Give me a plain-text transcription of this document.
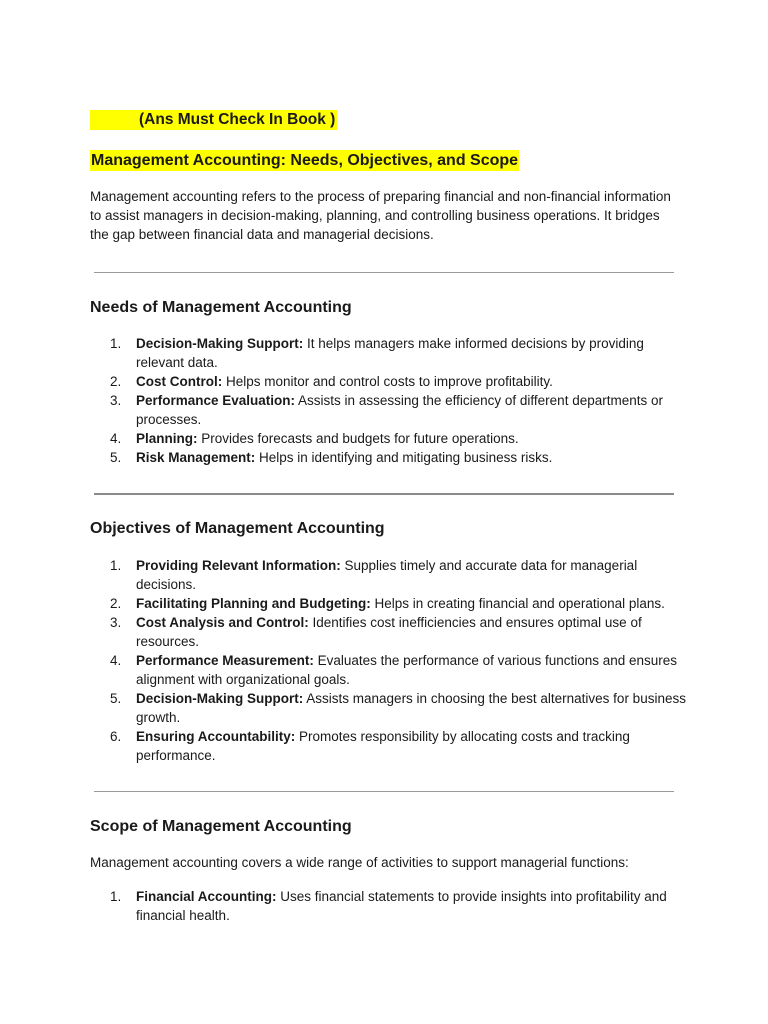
(Ans Must Check In Book )
Management Accounting: Needs, Objectives, and Scope

Management accounting refers to the process of preparing financial and non-financial information to assist managers in decision-making, planning, and controlling business operations. It bridges the gap between financial data and managerial decisions.

Needs of Management Accounting
1.	Decision-Making Support: It helps managers make informed decisions by providing relevant data.
2.	Cost Control: Helps monitor and control costs to improve profitability.
3.	Performance Evaluation: Assists in assessing the efficiency of different departments or processes.
4.	Planning: Provides forecasts and budgets for future operations.
5.	Risk Management: Helps in identifying and mitigating business risks.
Objectives of Management Accounting
1.	Providing Relevant Information: Supplies timely and accurate data for managerial decisions.
2.	Facilitating Planning and Budgeting: Helps in creating financial and operational plans.
3.	Cost Analysis and Control: Identifies cost inefficiencies and ensures optimal use of resources.
4.	Performance Measurement: Evaluates the performance of various functions and ensures alignment with organizational goals.
5.	Decision-Making Support: Assists managers in choosing the best alternatives for business growth.
6.	Ensuring Accountability: Promotes responsibility by allocating costs and tracking performance.
Scope of Management Accounting

Management accounting covers a wide range of activities to support managerial functions:

1.	Financial Accounting: Uses financial statements to provide insights into profitability and financial health.
